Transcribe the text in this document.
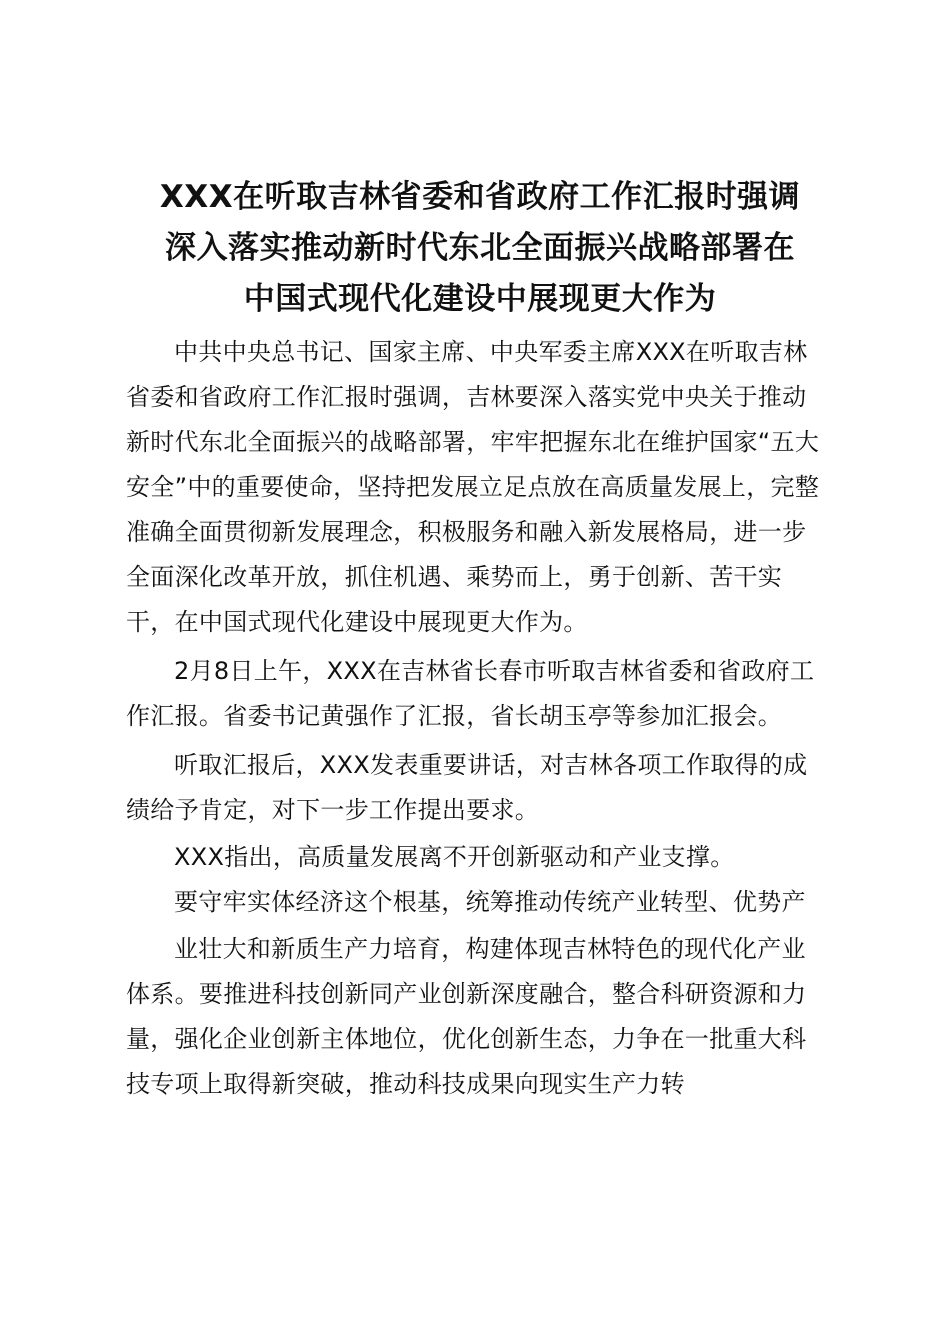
XXX在听取吉林省委和省政府工作汇报时强调
深入落实推动新时代东北全面振兴战略部署在
中国式现代化建设中展现更大作为

中共中央总书记、国家主席、中央军委主席XXX在听取吉林省委和省政府工作汇报时强调，吉林要深入落实党中央关于推动新时代东北全面振兴的战略部署，牢牢把握东北在维护国家“五大安全”中的重要使命，坚持把发展立足点放在高质量发展上，完整准确全面贯彻新发展理念，积极服务和融入新发展格局，进一步全面深化改革开放，抓住机遇、乘势而上，勇于创新、苦干实干，在中国式现代化建设中展现更大作为。

2月8日上午，XXX在吉林省长春市听取吉林省委和省政府工作汇报。省委书记黄强作了汇报，省长胡玉亭等参加汇报会。

听取汇报后，XXX发表重要讲话，对吉林各项工作取得的成绩给予肯定，对下一步工作提出要求。

XXX指出，高质量发展离不开创新驱动和产业支撑。

要守牢实体经济这个根基，统筹推动传统产业转型、优势产

业壮大和新质生产力培育，构建体现吉林特色的现代化产业体系。要推进科技创新同产业创新深度融合，整合科研资源和力量，强化企业创新主体地位，优化创新生态，力争在一批重大科技专项上取得新突破，推动科技成果向现实生产力转
